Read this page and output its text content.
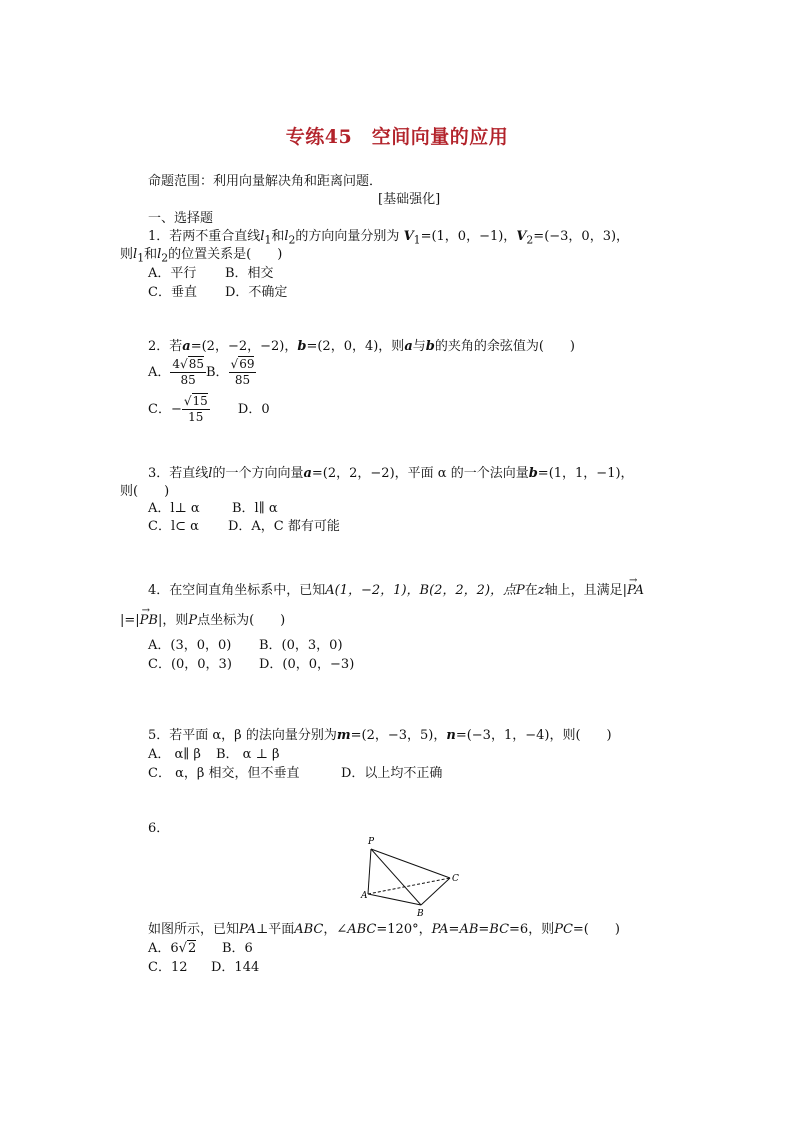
专练45　空间向量的应用
命题范围：利用向量解决角和距离问题．
[基础强化]
一、选择题
1．若两不重合直线$l_1$和$l_2$的方向向量分别为 $V_1=(1$，0，−1)，$V_2=(-3$，0，3)，
则$l_1$和$l_2$的位置关系是(　　)
A．平行 B．相交
C．垂直 D．不确定
2．若a=(2，−2，−2)，b=(2，0，4)，则a与b的夹角的余弦值为(　　)
A． $\frac{4√85}{85}$ B． $\frac{√69}{85}$
C．− $\frac{√15}{15}$ D．0
3．若直线l的一个方向向量a=(2，2，−2)，平面 α 的一个法向量b=(1，1，−1)，
则(　　)
A．l⊥ α B．l∥ α
C．l⊂ α D．A，C 都有可能
4．在空间直角坐标系中，已知A(1，−2，1)，B(2，2，2)，点P在z轴上，且满足|→ PA
|=|→ PB|，则P点坐标为(　　)
A．(3，0，0) B．(0，3，0)
C．(0，0，3) D．(0，0，−3)
5．若平面 α，β 的法向量分别为m=(2，−3，5)，n=(−3，1，−4)，则(　　)
A． α∥ β B． α ⊥ β
C． α，β 相交，但不垂直	D．以上均不正确
6．
P
A
B
C
如图所示，已知PA⊥平面ABC，∠ABC=120°，PA=AB=BC=6，则PC=(　　)
A．6√2 B．6
C．12 D．144
